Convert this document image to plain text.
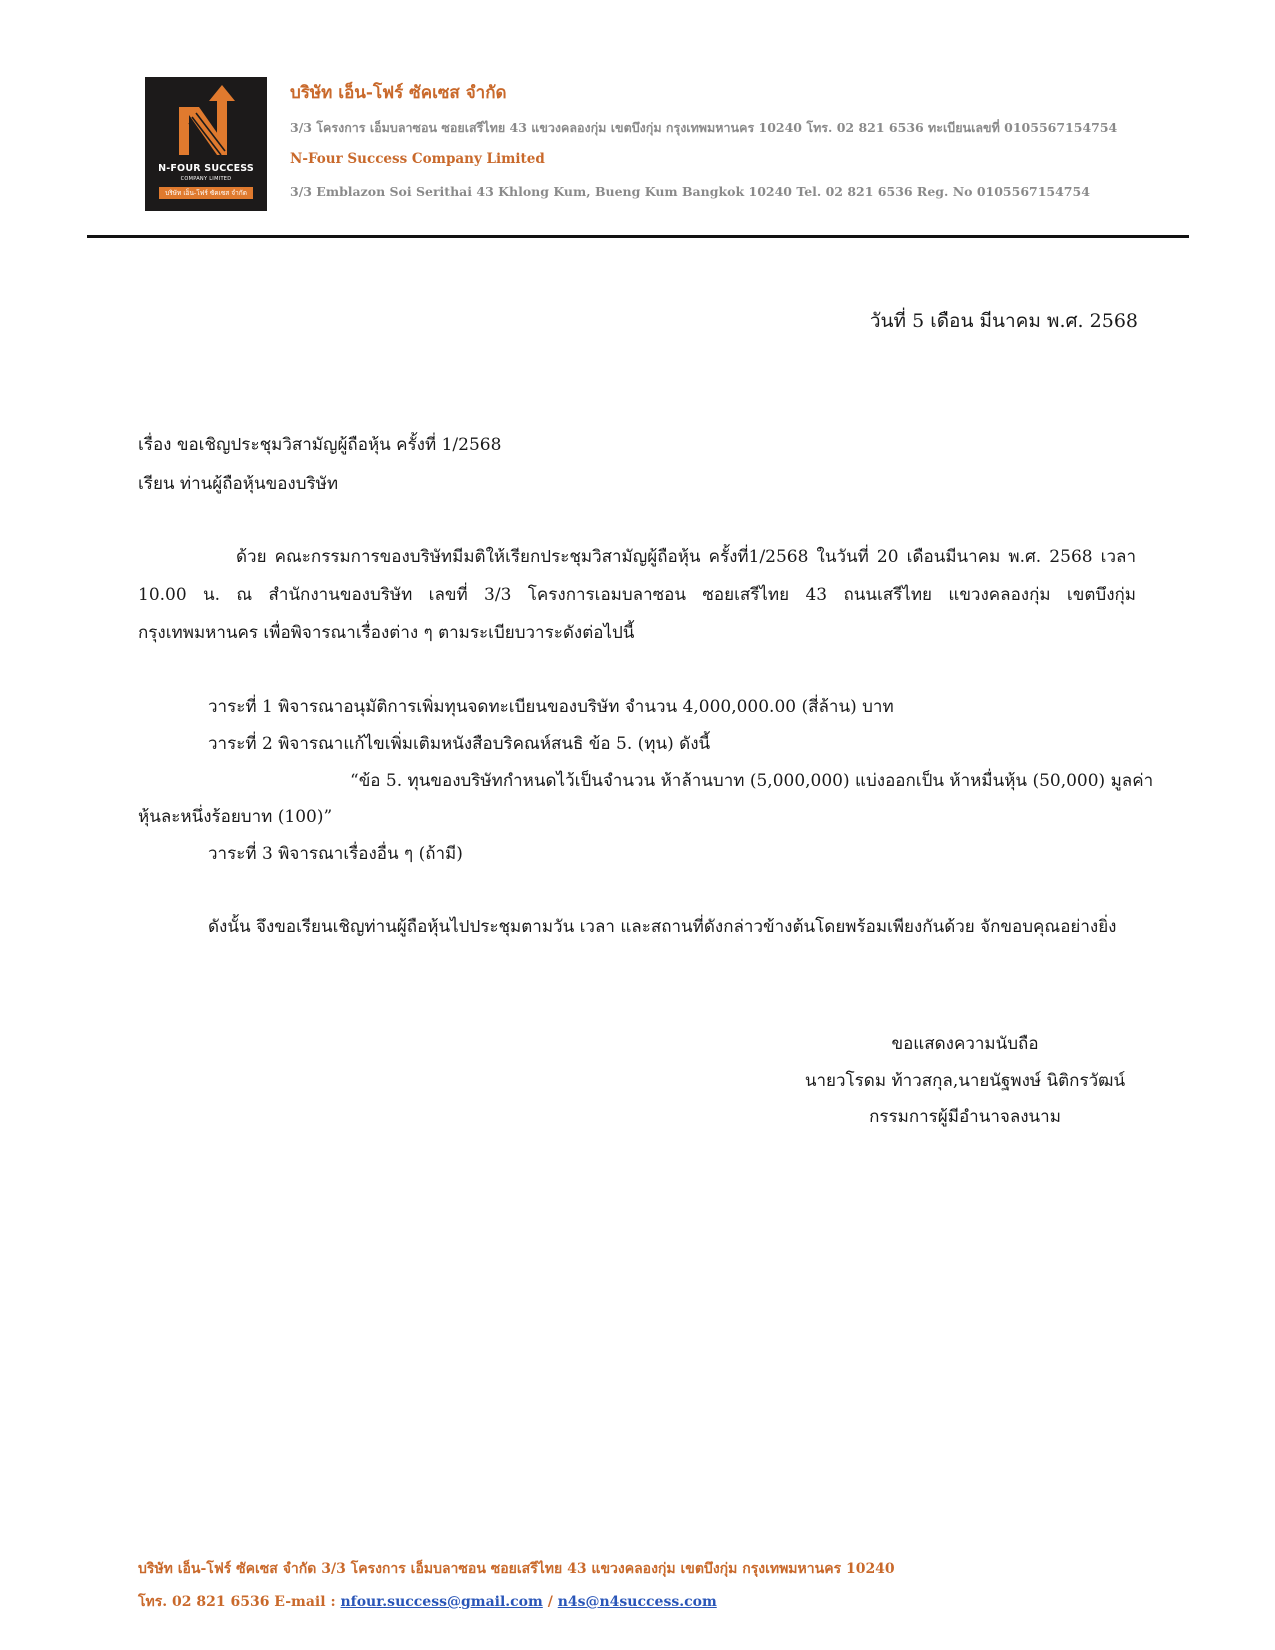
N-FOUR SUCCESS
COMPANY LIMITED
บริษัท เอ็น-โฟร์ ซัคเซส จำกัด
บริษัท เอ็น-โฟร์ ซัคเซส จำกัด
3/3 โครงการ เอ็มบลาซอน ซอยเสรีไทย 43 แขวงคลองกุ่ม เขตบึงกุ่ม กรุงเทพมหานคร 10240 โทร. 02 821 6536 ทะเบียนเลขที่ 0105567154754
N-Four Success Company Limited
3/3 Emblazon Soi Serithai 43 Khlong Kum, Bueng Kum Bangkok 10240 Tel. 02 821 6536 Reg. No 0105567154754
วันที่ 5 เดือน มีนาคม พ.ศ. 2568
เรื่อง ขอเชิญประชุมวิสามัญผู้ถือหุ้น ครั้งที่ 1/2568
เรียน ท่านผู้ถือหุ้นของบริษัท
ด้วย คณะกรรมการของบริษัทมีมติให้เรียกประชุมวิสามัญผู้ถือหุ้น ครั้งที่1/2568 ในวันที่ 20 เดือนมีนาคม พ.ศ. 2568 เวลา
10.00 น. ณ สำนักงานของบริษัท เลขที่ 3/3 โครงการเอมบลาซอน ซอยเสรีไทย 43 ถนนเสรีไทย แขวงคลองกุ่ม เขตบึงกุ่ม
กรุงเทพมหานคร เพื่อพิจารณาเรื่องต่าง ๆ ตามระเบียบวาระดังต่อไปนี้
วาระที่ 1 พิจารณาอนุมัติการเพิ่มทุนจดทะเบียนของบริษัท จำนวน 4,000,000.00 (สี่ล้าน) บาท
วาระที่ 2 พิจารณาแก้ไขเพิ่มเติมหนังสือบริคณห์สนธิ ข้อ 5. (ทุน) ดังนี้
“ข้อ 5. ทุนของบริษัทกำหนดไว้เป็นจำนวน ห้าล้านบาท (5,000,000) แบ่งออกเป็น ห้าหมื่นหุ้น (50,000) มูลค่า
หุ้นละหนึ่งร้อยบาท (100)”
วาระที่ 3 พิจารณาเรื่องอื่น ๆ (ถ้ามี)
ดังนั้น จึงขอเรียนเชิญท่านผู้ถือหุ้นไปประชุมตามวัน เวลา และสถานที่ดังกล่าวข้างต้นโดยพร้อมเพียงกันด้วย จักขอบคุณอย่างยิ่ง
ขอแสดงความนับถือ
นายวโรดม ท้าวสกุล,นายนัฐพงษ์ นิติกรวัฒน์
กรรมการผู้มีอำนาจลงนาม
บริษัท เอ็น-โฟร์ ซัคเซส จำกัด 3/3 โครงการ เอ็มบลาซอน ซอยเสรีไทย 43 แขวงคลองกุ่ม เขตบึงกุ่ม กรุงเทพมหานคร 10240
โทร. 02 821 6536 E-mail : nfour.success@gmail.com / n4s@n4success.com
